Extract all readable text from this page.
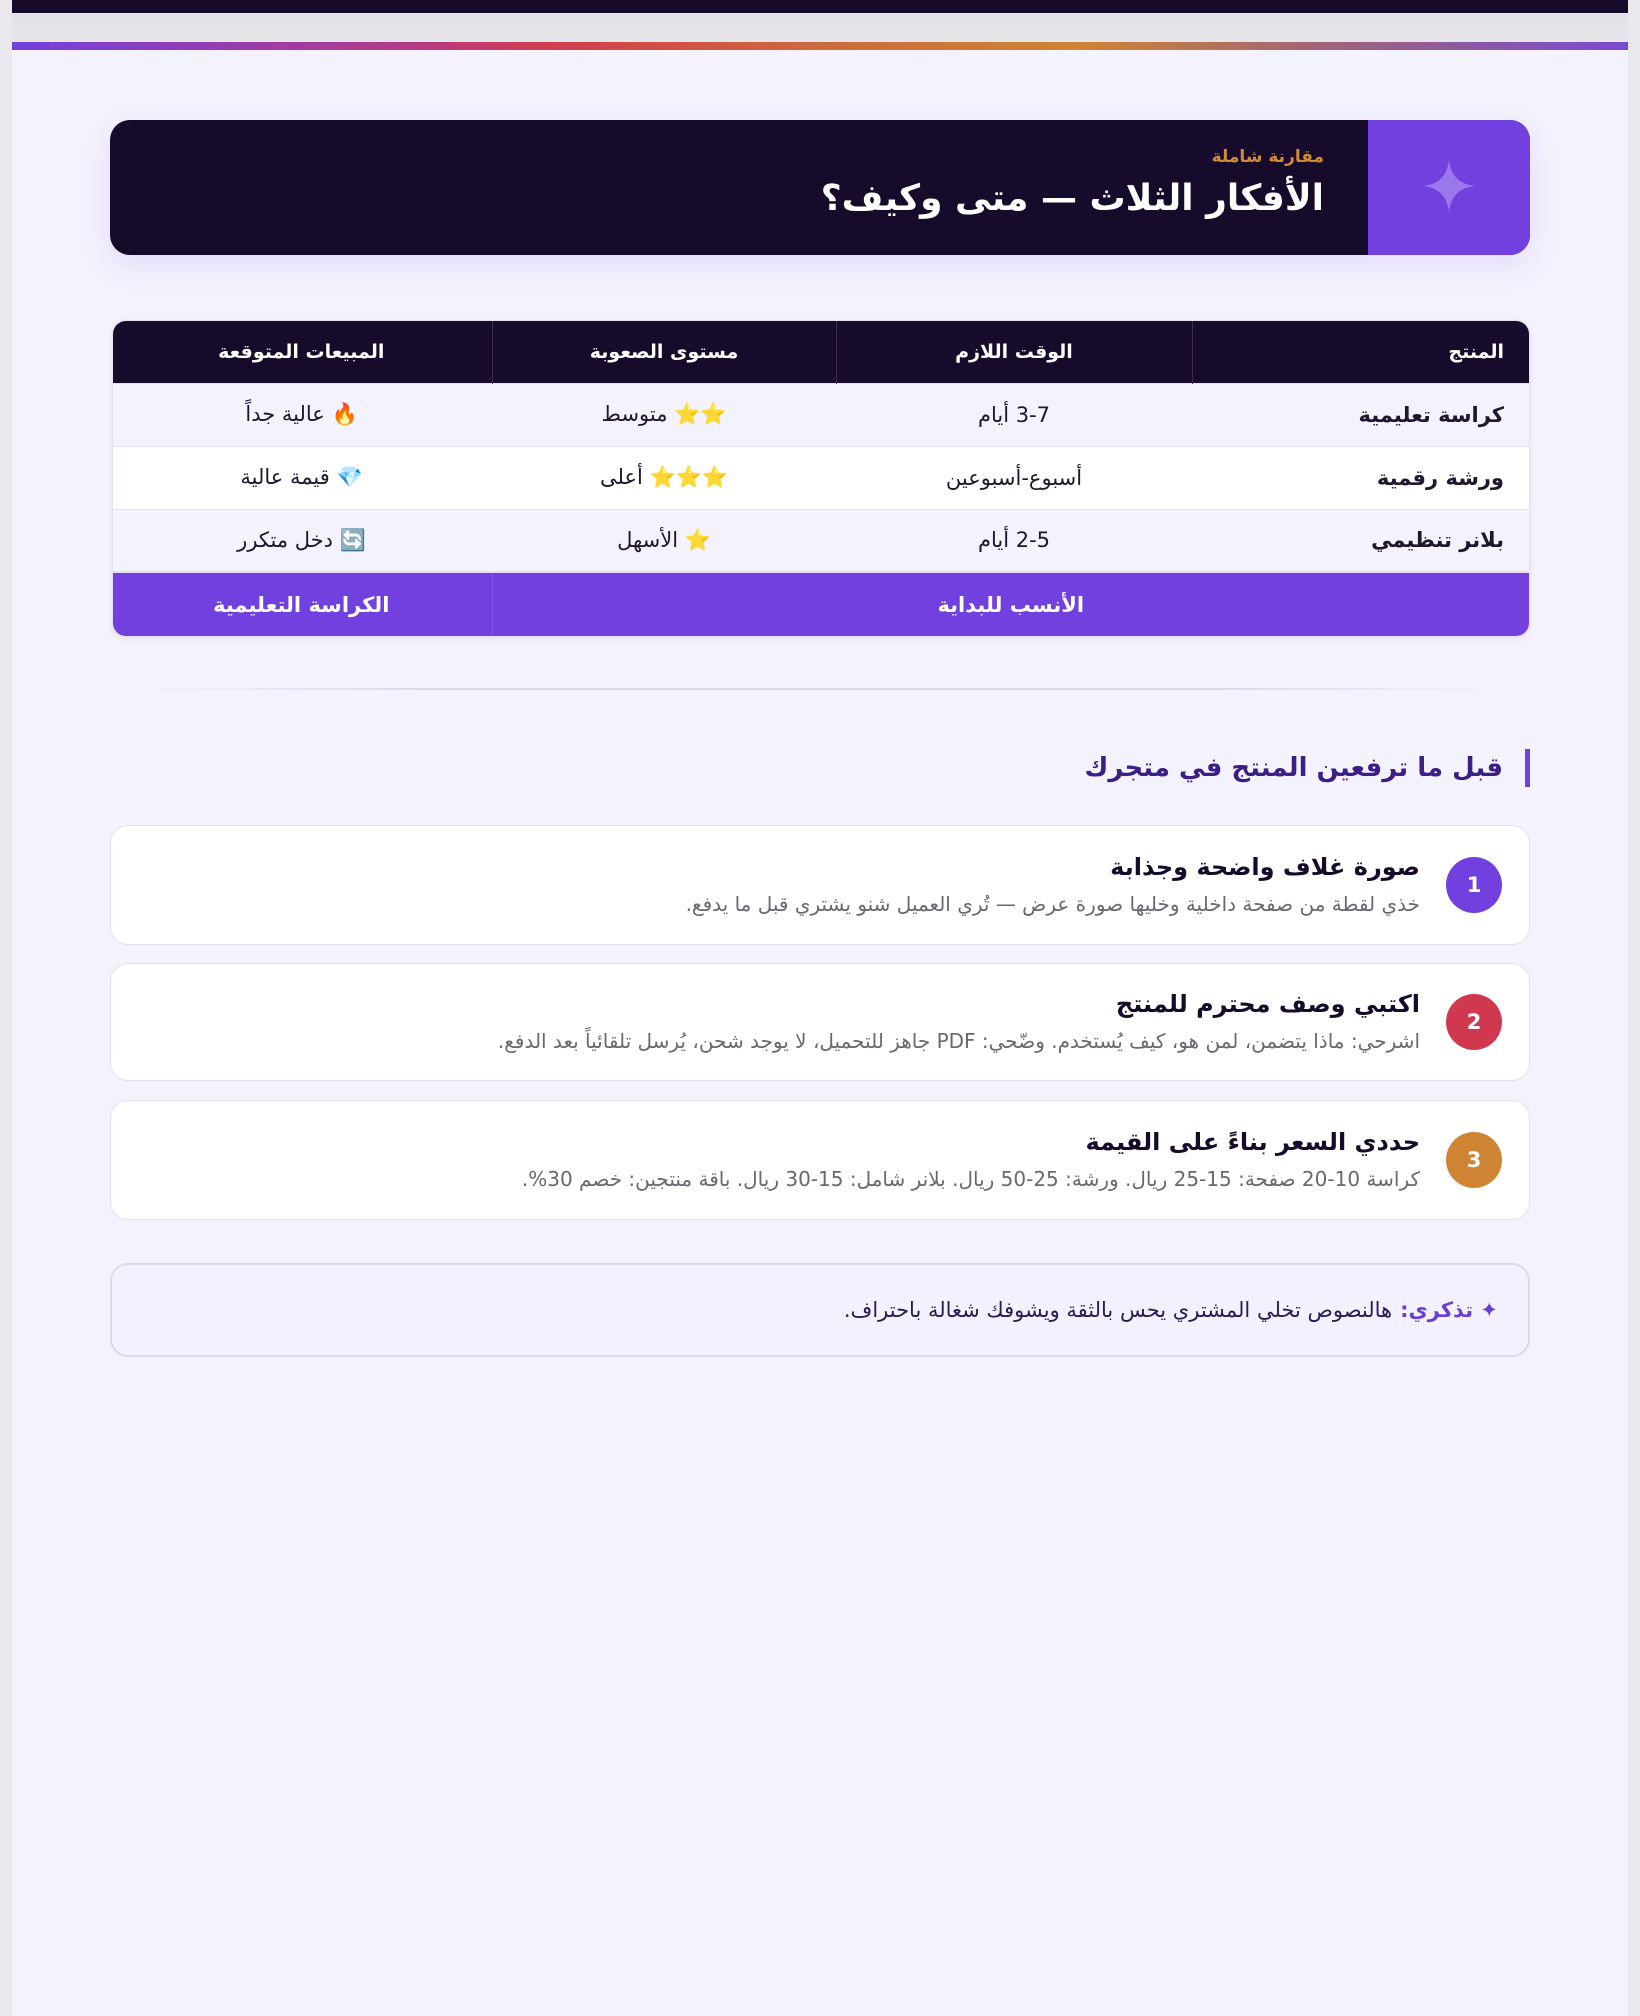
مقارنة شاملة
الأفكار الثلاث — متى وكيف؟
المنتج	الوقت اللازم	مستوى الصعوبة	المبيعات المتوقعة
كراسة تعليمية	3-7 أيام	⭐⭐ متوسط	🔥 عالية جداً
ورشة رقمية	أسبوع-أسبوعين	⭐⭐⭐ أعلى	💎 قيمة عالية
بلانر تنظيمي	2-5 أيام	⭐ الأسهل	🔄 دخل متكرر
الأنسب للبداية			الكراسة التعليمية
قبل ما ترفعين المنتج في متجرك
1
صورة غلاف واضحة وجذابة
خذي لقطة من صفحة داخلية وخليها صورة عرض — تُري العميل شنو يشتري قبل ما يدفع.
2
اكتبي وصف محترم للمنتج
اشرحي: ماذا يتضمن، لمن هو، كيف يُستخدم. وضّحي: PDF جاهز للتحميل، لا يوجد شحن، يُرسل تلقائياً بعد الدفع.
3
حددي السعر بناءً على القيمة
كراسة 10-20 صفحة: 15-25 ريال. ورشة: 25-50 ريال. بلانر شامل: 15-30 ريال. باقة منتجين: خصم 30%.
✦ تذكري:
هالنصوص تخلي المشتري يحس بالثقة ويشوفك شغالة باحتراف.
